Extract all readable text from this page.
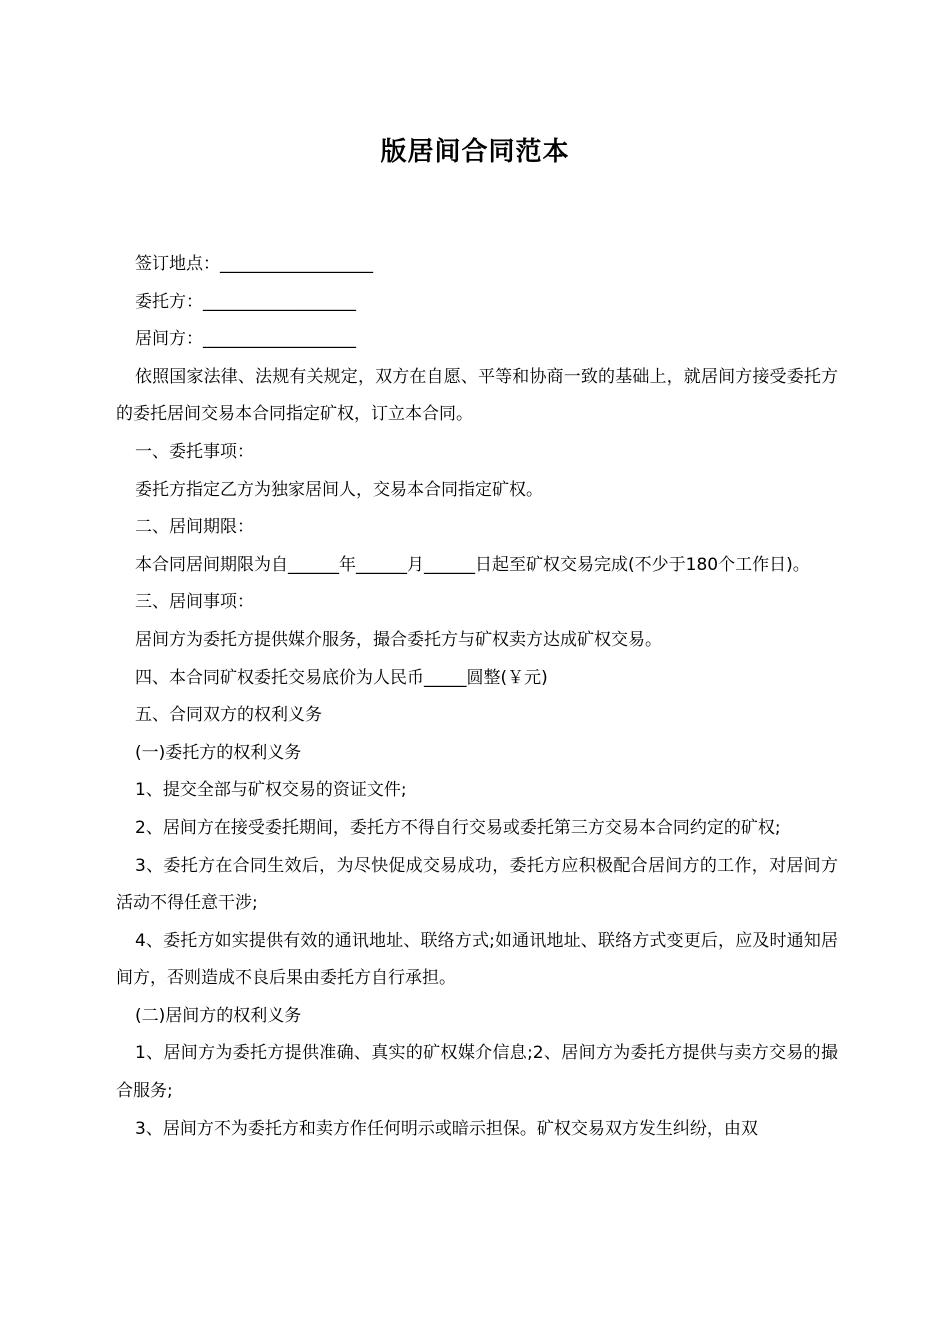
版居间合同范本

签订地点：__________________

委托方：__________________

居间方：__________________

依照国家法律、法规有关规定，双方在自愿、平等和协商一致的基础上，就居间方接受委托方的委托居间交易本合同指定矿权，订立本合同。

一、委托事项：

委托方指定乙方为独家居间人，交易本合同指定矿权。

二、居间期限：

本合同居间期限为自______年______月______日起至矿权交易完成(不少于180个工作日)。

三、居间事项：

居间方为委托方提供媒介服务，撮合委托方与矿权卖方达成矿权交易。

四、本合同矿权委托交易底价为人民币_____圆整(￥元)

五、合同双方的权利义务

(一)委托方的权利义务

1、提交全部与矿权交易的资证文件;

2、居间方在接受委托期间，委托方不得自行交易或委托第三方交易本合同约定的矿权;

3、委托方在合同生效后，为尽快促成交易成功，委托方应积极配合居间方的工作，对居间方活动不得任意干涉;

4、委托方如实提供有效的通讯地址、联络方式;如通讯地址、联络方式变更后，应及时通知居间方，否则造成不良后果由委托方自行承担。

(二)居间方的权利义务

1、居间方为委托方提供准确、真实的矿权媒介信息;2、居间方为委托方提供与卖方交易的撮合服务;

3、居间方不为委托方和卖方作任何明示或暗示担保。矿权交易双方发生纠纷，由双
